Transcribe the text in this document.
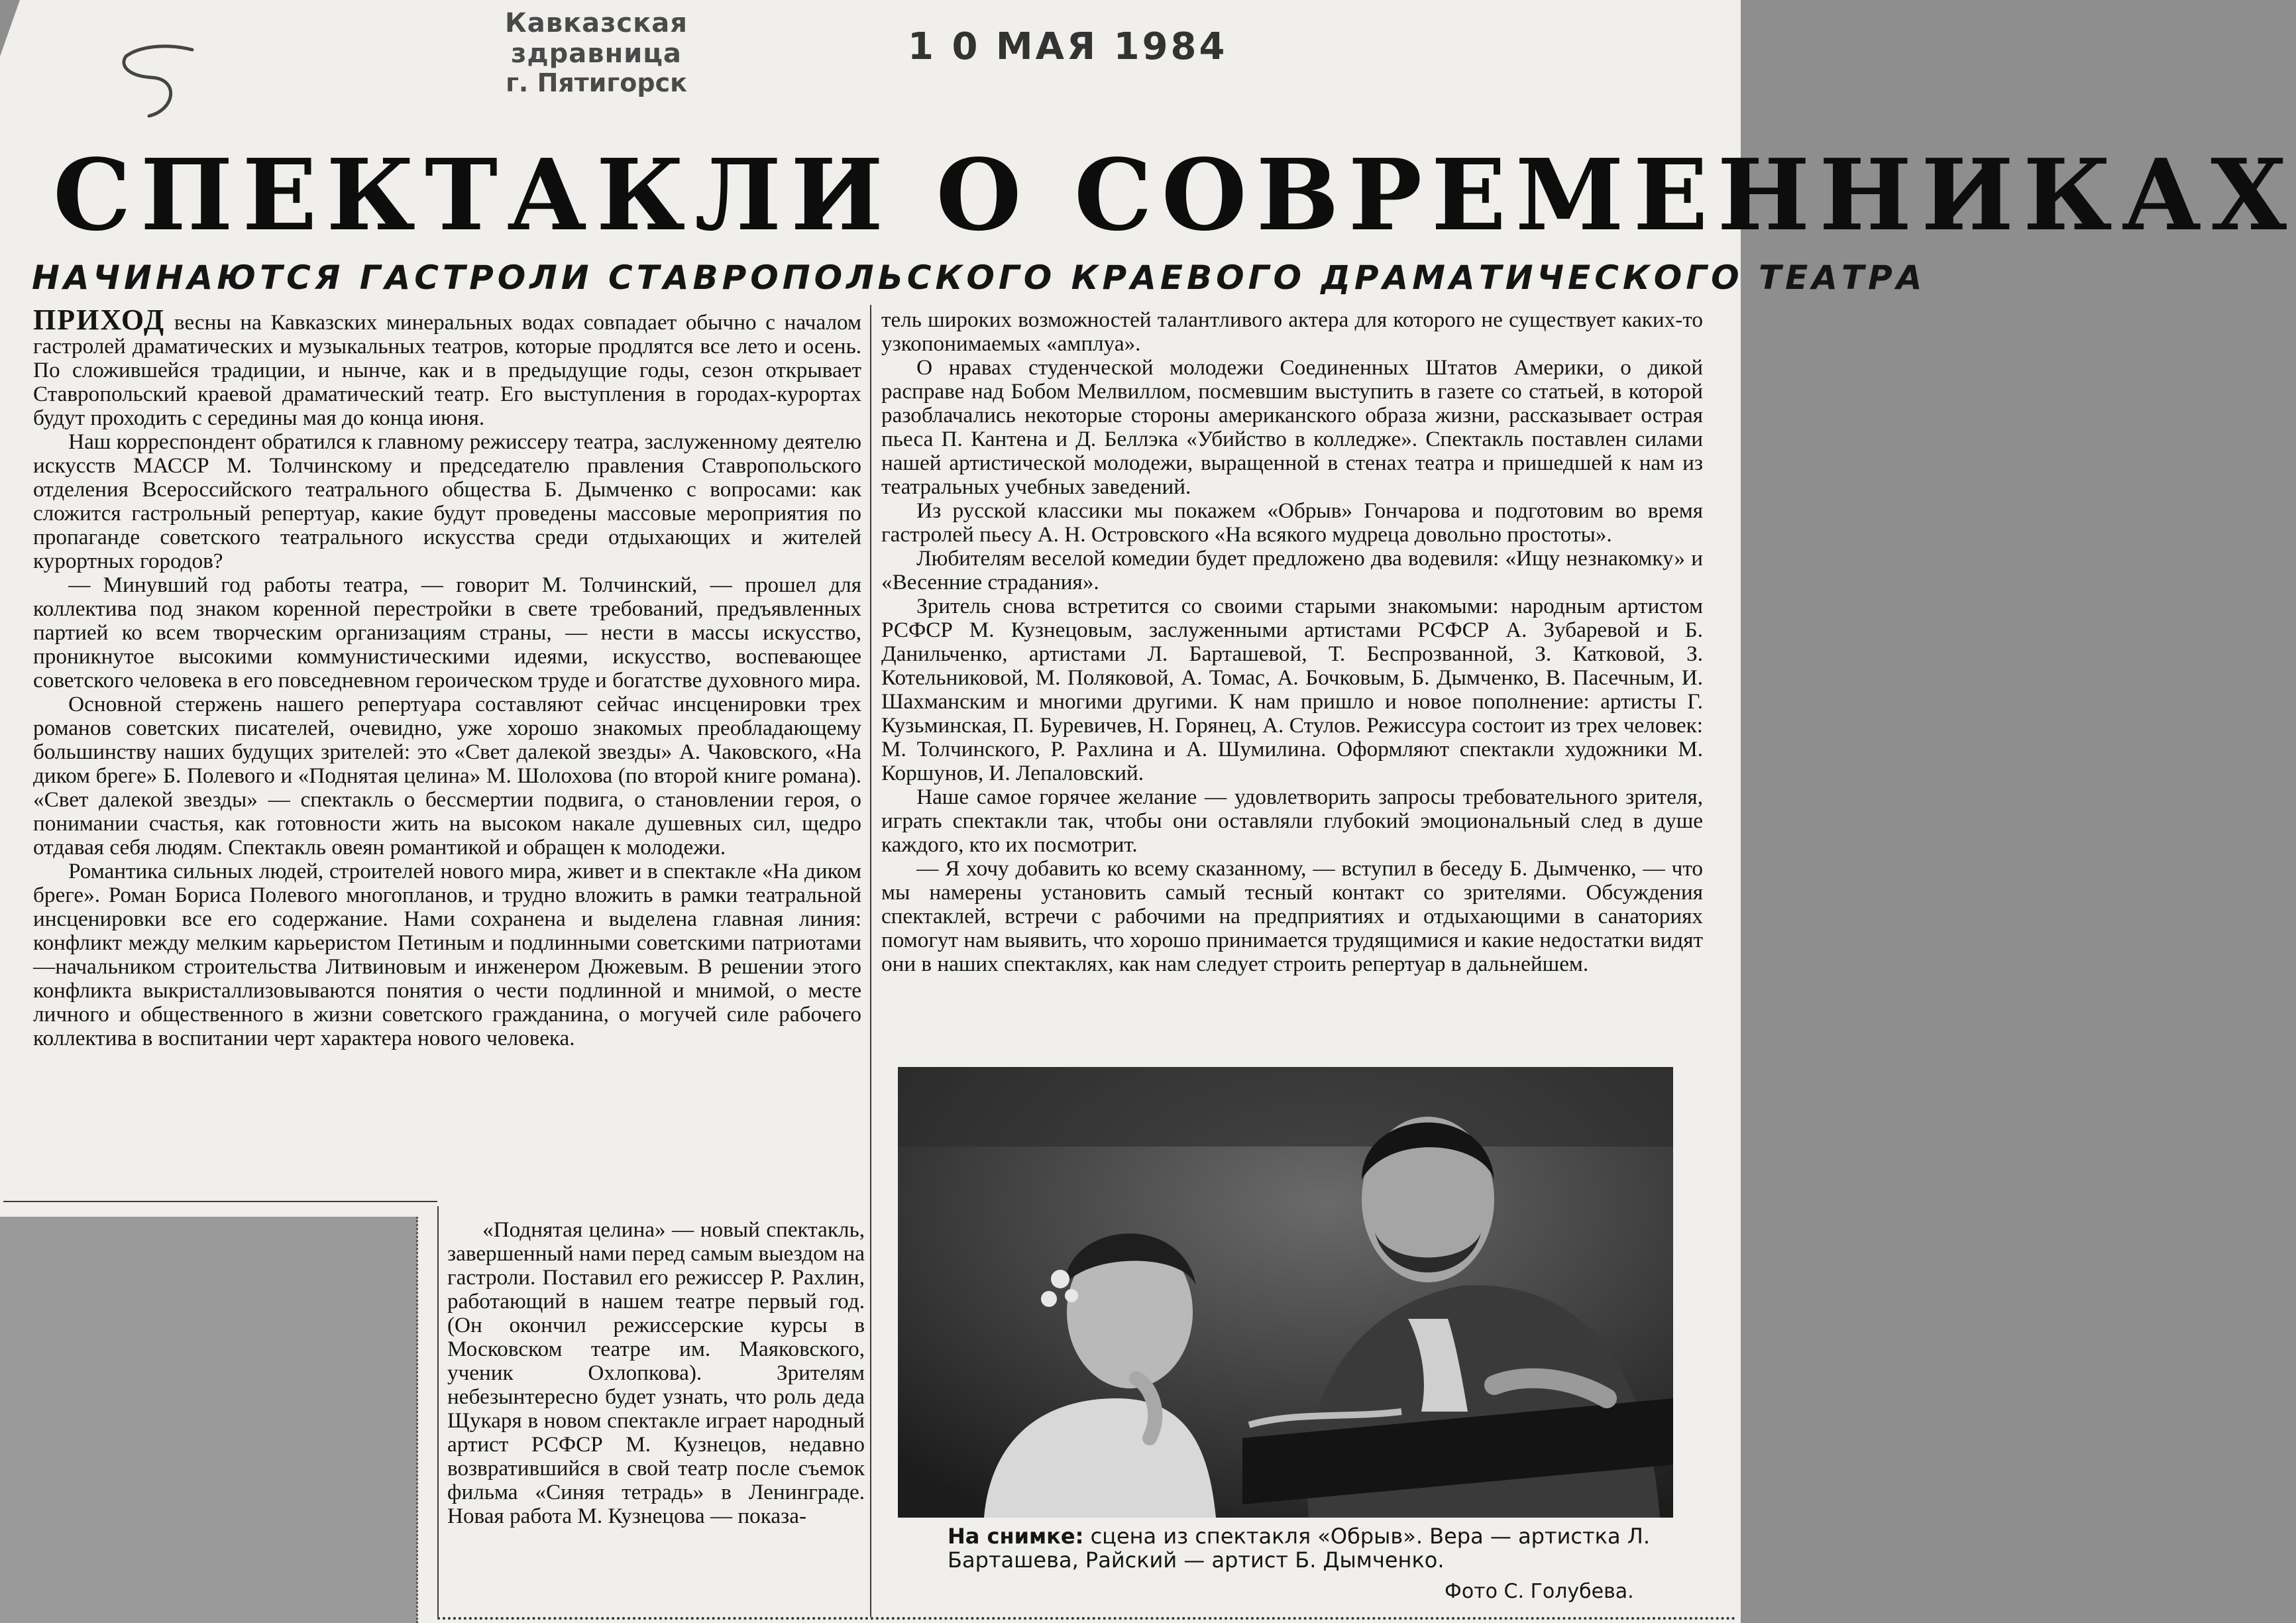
Кавказская здравница
г. Пятигорск
1 0 МАЯ 1984
СПЕКТАКЛИ О СОВРЕМЕННИКАХ
НАЧИНАЮТСЯ ГАСТРОЛИ СТАВРОПОЛЬСКОГО КРАЕВОГО ДРАМАТИЧЕСКОГО ТЕАТРА

ПРИХОД весны на Кавказских минеральных водах совпадает обычно с началом гастролей драматических и музыкальных театров, которые продлятся все лето и осень. По сложившейся традиции, и нынче, как и в предыдущие годы, сезон открывает Ставропольский краевой драматический театр. Его выступления в городах-курортах будут проходить с середины мая до конца июня.

Наш корреспондент обратился к главному режиссеру театра, заслуженному деятелю искусств МАССР М. Толчинскому и председателю правления Ставропольского отделения Всероссийского театрального общества Б. Дымченко с вопросами: как сложится гастрольный репертуар, какие будут проведены массовые мероприятия по пропаганде советского театрального искусства среди отдыхающих и жителей курортных городов?

— Минувший год работы театра, — говорит М. Толчинский, — прошел для коллектива под знаком коренной перестройки в свете требований, предъявленных партией ко всем творческим организациям страны, — нести в массы искусство, проникнутое высокими коммунистическими идеями, искусство, воспевающее советского человека в его повседневном героическом труде и богатстве духовного мира.

Основной стержень нашего репертуара составляют сейчас инсценировки трех романов советских писателей, очевидно, уже хорошо знакомых преобладающему большинству наших будущих зрителей: это «Свет далекой звезды» А. Чаковского, «На диком бреге» Б. Полевого и «Поднятая целина» М. Шолохова (по второй книге романа). «Свет далекой звезды» — спектакль о бессмертии подвига, о становлении героя, о понимании счастья, как готовности жить на высоком накале душевных сил, щедро отдавая себя людям. Спектакль овеян романтикой и обращен к молодежи.

Романтика сильных людей, строителей нового мира, живет и в спектакле «На диком бреге». Роман Бориса Полевого многопланов, и трудно вложить в рамки театральной инсценировки все его содержание. Нами сохранена и выделена главная линия: конфликт между мелким карьеристом Петиным и подлинными советскими патриотами —начальником строительства Литвиновым и инженером Дюжевым. В решении этого конфликта выкристаллизовываются понятия о чести подлинной и мнимой, о месте личного и общественного в жизни советского гражданина, о могучей силе рабочего коллектива в воспитании черт характера нового человека.

«Поднятая целина» — новый спектакль, завершенный нами перед самым выездом на гастроли. Поставил его режиссер Р. Рахлин, работающий в нашем театре первый год. (Он окончил режиссерские курсы в Московском театре им. Маяковского, ученик Охлопкова). Зрителям небезынтересно будет узнать, что роль деда Щукаря в новом спектакле играет народный артист РСФСР М. Кузнецов, недавно возвратившийся в свой театр после съемок фильма «Синяя тетрадь» в Ленинграде. Новая работа М. Кузнецова — показа-

тель широких возможностей талантливого актера для которого не существует каких-то узкопонимаемых «амплуа».

О нравах студенческой молодежи Соединенных Штатов Америки, о дикой расправе над Бобом Мелвиллом, посмевшим выступить в газете со статьей, в которой разоблачались некоторые стороны американского образа жизни, рассказывает острая пьеса П. Кантена и Д. Беллэка «Убийство в колледже». Спектакль поставлен силами нашей артистической молодежи, выращенной в стенах театра и пришедшей к нам из театральных учебных заведений.

Из русской классики мы покажем «Обрыв» Гончарова и подготовим во время гастролей пьесу А. Н. Островского «На всякого мудреца довольно простоты».

Любителям веселой комедии будет предложено два водевиля: «Ищу незнакомку» и «Весенние страдания».

Зритель снова встретится со своими старыми знакомыми: народным артистом РСФСР М. Кузнецовым, заслуженными артистами РСФСР А. Зубаревой и Б. Данильченко, артистами Л. Барташевой, Т. Беспрозванной, З. Катковой, З. Котельниковой, М. Поляковой, А. Томас, А. Бочковым, Б. Дымченко, В. Пасечным, И. Шахманским и многими другими. К нам пришло и новое пополнение: артисты Г. Кузьминская, П. Буревичев, Н. Горянец, А. Стулов. Режиссура состоит из трех человек: М. Толчинского, Р. Рахлина и А. Шумилина. Оформляют спектакли художники М. Коршунов, И. Лепаловский.

Наше самое горячее желание — удовлетворить запросы требовательного зрителя, играть спектакли так, чтобы они оставляли глубокий эмоциональный след в душе каждого, кто их посмотрит.

— Я хочу добавить ко всему сказанному, — вступил в беседу Б. Дымченко, — что мы намерены установить самый тесный контакт со зрителями. Обсуждения спектаклей, встречи с рабочими на предприятиях и отдыхающими в санаториях помогут нам выявить, что хорошо принимается трудящимися и какие недостатки видят они в наших спектаклях, как нам следует строить репертуар в дальнейшем.

На снимке: сцена из спектакля «Обрыв». Вера — артистка Л. Барташева, Райский — артист Б. Дымченко.
Фото С. Голубева.
